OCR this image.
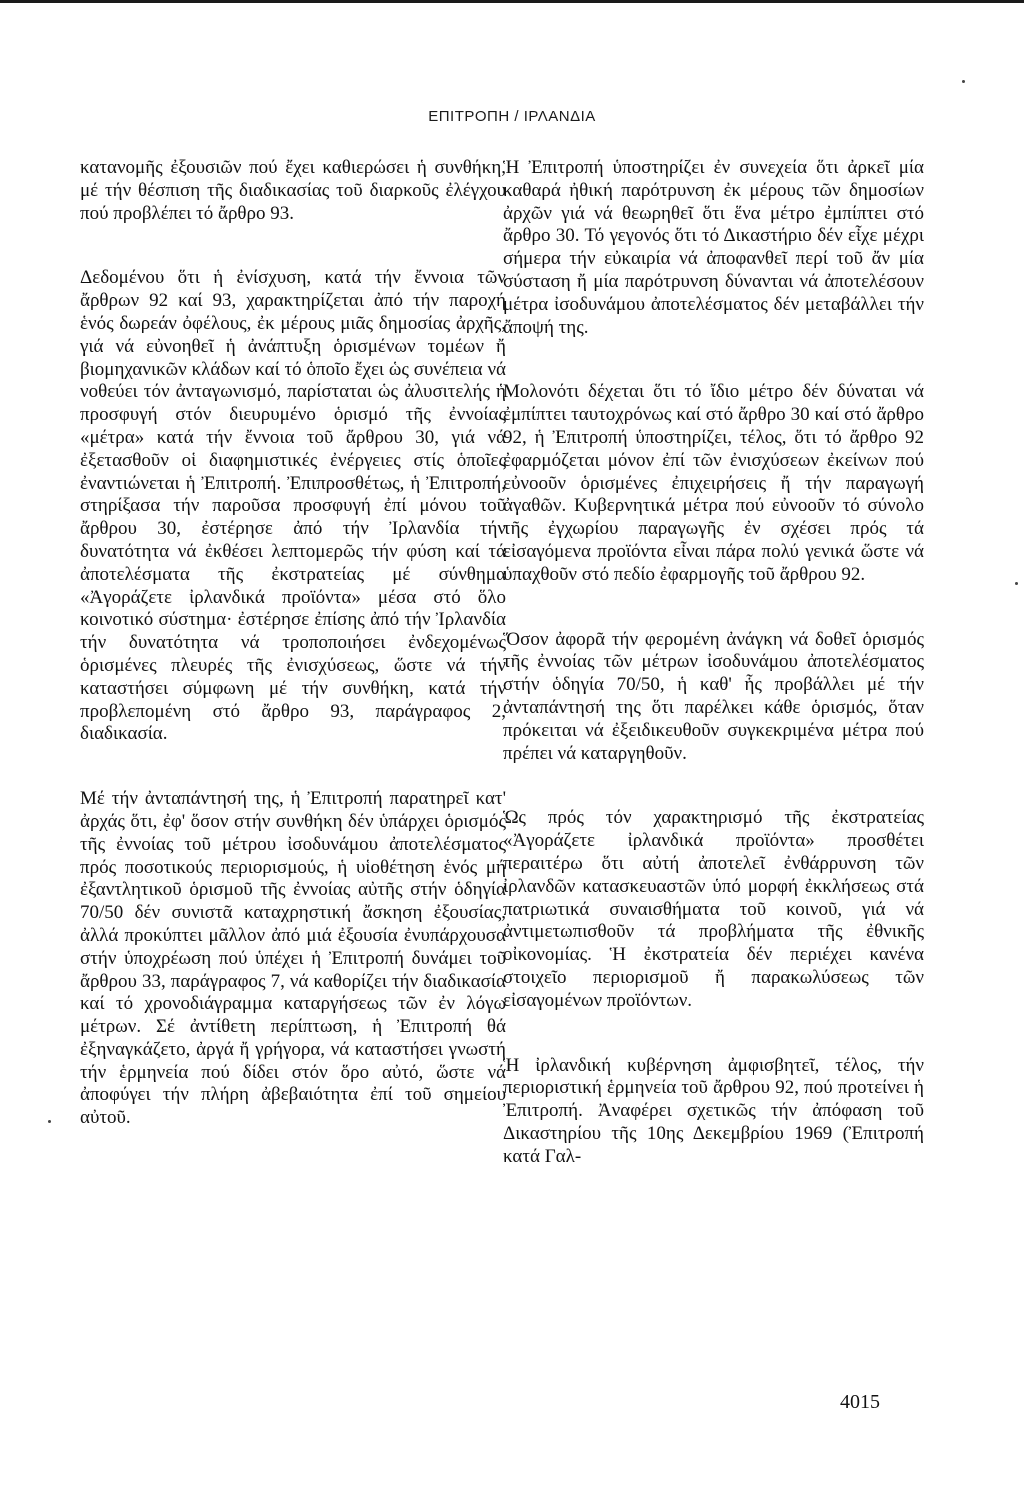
ΕΠΙΤΡΟΠΗ / ΙΡΛΑΝΔΙΑ

κατανομῆς ἐξουσιῶν πού ἔχει καθιερώσει ἡ συνθήκη, μέ τήν θέσπιση τῆς διαδικασίας τοῦ διαρκοῦς ἐλέγχου πού προβλέπει τό ἄρθρο 93.

Δεδομένου ὅτι ἡ ἐνίσχυση, κατά τήν ἔννοια τῶν ἄρθρων 92 καί 93, χαρακτηρίζεται ἀπό τήν παροχή ἑνός δωρεάν ὀφέλους, ἐκ μέρους μιᾶς δημοσίας ἀρχῆς, γιά νά εὐνοηθεῖ ἡ ἀνάπτυξη ὁρισμένων τομέων ἤ βιομηχανικῶν κλάδων καί τό ὁποῖο ἔχει ὡς συνέπεια νά νοθεύει τόν ἀνταγωνισμό, παρίσταται ὡς ἀλυσιτελής ἡ προσφυγή στόν διευρυμένο ὁρισμό τῆς ἐννοίας «μέτρα» κατά τήν ἔννοια τοῦ ἄρθρου 30, γιά νά ἐξετασθοῦν οἱ διαφημιστικές ἐνέργειες στίς ὁποῖες ἐναντιώνεται ἡ Ἐπιτροπή. Ἐπιπροσθέτως, ἡ Ἐπιτροπή, στηρίξασα τήν παροῦσα προσφυγή ἐπί μόνου τοῦ ἄρθρου 30, ἐστέρησε ἀπό τήν Ἰρλανδία τήν δυνατότητα νά ἐκθέσει λεπτομερῶς τήν φύση καί τά ἀποτελέσματα τῆς ἐκστρατείας μέ σύνθημα «Ἀγοράζετε ἰρλανδικά προϊόντα» μέσα στό ὅλο κοινοτικό σύστημα· ἐστέρησε ἐπίσης ἀπό τήν Ἰρλανδία τήν δυνατότητα νά τροποποιήσει ἐνδεχομένως ὁρισμένες πλευρές τῆς ἐνισχύσεως, ὥστε νά τήν καταστήσει σύμφωνη μέ τήν συνθήκη, κατά τήν προβλεπομένη στό ἄρθρο 93, παράγραφος 2, διαδικασία.

Μέ τήν ἀνταπάντησή της, ἡ Ἐπιτροπή παρατηρεῖ κατ' ἀρχάς ὅτι, ἐφ' ὅσον στήν συνθήκη δέν ὑπάρχει ὁρισμός τῆς ἐννοίας τοῦ μέτρου ἰσοδυνάμου ἀποτελέσματος πρός ποσοτικούς περιορισμούς, ἡ υἱοθέτηση ἑνός μή ἐξαντλητικοῦ ὁρισμοῦ τῆς ἐννοίας αὐτῆς στήν ὁδηγία 70/50 δέν συνιστᾶ καταχρηστική ἄσκηση ἐξουσίας, ἀλλά προκύπτει μᾶλλον ἀπό μιά ἐξουσία ἐνυπάρχουσα στήν ὑποχρέωση πού ὑπέχει ἡ Ἐπιτροπή δυνάμει τοῦ ἄρθρου 33, παράγραφος 7, νά καθορίζει τήν διαδικασία καί τό χρονοδιάγραμμα καταργήσεως τῶν ἐν λόγω μέτρων. Σέ ἀντίθετη περίπτωση, ἡ Ἐπιτροπή θά ἐξηναγκάζετο, ἀργά ἤ γρήγορα, νά καταστήσει γνωστή τήν ἑρμηνεία πού δίδει στόν ὅρο αὐτό, ὥστε νά ἀποφύγει τήν πλήρη ἀβεβαιότητα ἐπί τοῦ σημείου αὐτοῦ.

Ἡ Ἐπιτροπή ὑποστηρίζει ἐν συνεχεία ὅτι ἀρκεῖ μία καθαρά ἠθική παρότρυνση ἐκ μέρους τῶν δημοσίων ἀρχῶν γιά νά θεωρηθεῖ ὅτι ἕνα μέτρο ἐμπίπτει στό ἄρθρο 30. Τό γεγονός ὅτι τό Δικαστήριο δέν εἶχε μέχρι σήμερα τήν εὐκαιρία νά ἀποφανθεῖ περί τοῦ ἄν μία σύσταση ἤ μία παρότρυνση δύνανται νά ἀποτελέσουν μέτρα ἰσοδυνάμου ἀποτελέσματος δέν μεταβάλλει τήν ἄποψή της.

Μολονότι δέχεται ὅτι τό ἴδιο μέτρο δέν δύναται νά ἐμπίπτει ταυτοχρόνως καί στό ἄρθρο 30 καί στό ἄρθρο 92, ἡ Ἐπιτροπή ὑποστηρίζει, τέλος, ὅτι τό ἄρθρο 92 ἐφαρμόζεται μόνον ἐπί τῶν ἐνισχύσεων ἐκείνων πού εὐνοοῦν ὁρισμένες ἐπιχειρήσεις ἤ τήν παραγωγή ἀγαθῶν. Κυβερνητικά μέτρα πού εὐνοοῦν τό σύνολο τῆς ἐγχωρίου παραγωγῆς ἐν σχέσει πρός τά εἰσαγόμενα προϊόντα εἶναι πάρα πολύ γενικά ὥστε νά ὑπαχθοῦν στό πεδίο ἐφαρμογῆς τοῦ ἄρθρου 92.

Ὅσον ἀφορᾶ τήν φερομένη ἀνάγκη νά δοθεῖ ὁρισμός τῆς ἐννοίας τῶν μέτρων ἰσοδυνάμου ἀποτελέσματος στήν ὁδηγία 70/50, ἡ καθ' ἧς προβάλλει μέ τήν ἀνταπάντησή της ὅτι παρέλκει κάθε ὁρισμός, ὅταν πρόκειται νά ἐξειδικευθοῦν συγκεκριμένα μέτρα πού πρέπει νά καταργηθοῦν.

Ὡς πρός τόν χαρακτηρισμό τῆς ἐκστρατείας «Ἀγοράζετε ἰρλανδικά προϊόντα» προσθέτει περαιτέρω ὅτι αὐτή ἀποτελεῖ ἐνθάρρυνση τῶν ἰρλανδῶν κατασκευαστῶν ὑπό μορφή ἐκκλήσεως στά πατριωτικά συναισθήματα τοῦ κοινοῦ, γιά νά ἀντιμετωπισθοῦν τά προβλήματα τῆς ἐθνικῆς οἰκονομίας. Ἡ ἐκστρατεία δέν περιέχει κανένα στοιχεῖο περιορισμοῦ ἤ παρακωλύσεως τῶν εἰσαγομένων προϊόντων.

Ἡ ἰρλανδική κυβέρνηση ἀμφισβητεῖ, τέλος, τήν περιοριστική ἑρμηνεία τοῦ ἄρθρου 92, πού προτείνει ἡ Ἐπιτροπή. Ἀναφέρει σχετικῶς τήν ἀπόφαση τοῦ Δικαστηρίου τῆς 10ης Δεκεμβρίου 1969 (Ἐπιτροπή κατά Γαλ-

4015
